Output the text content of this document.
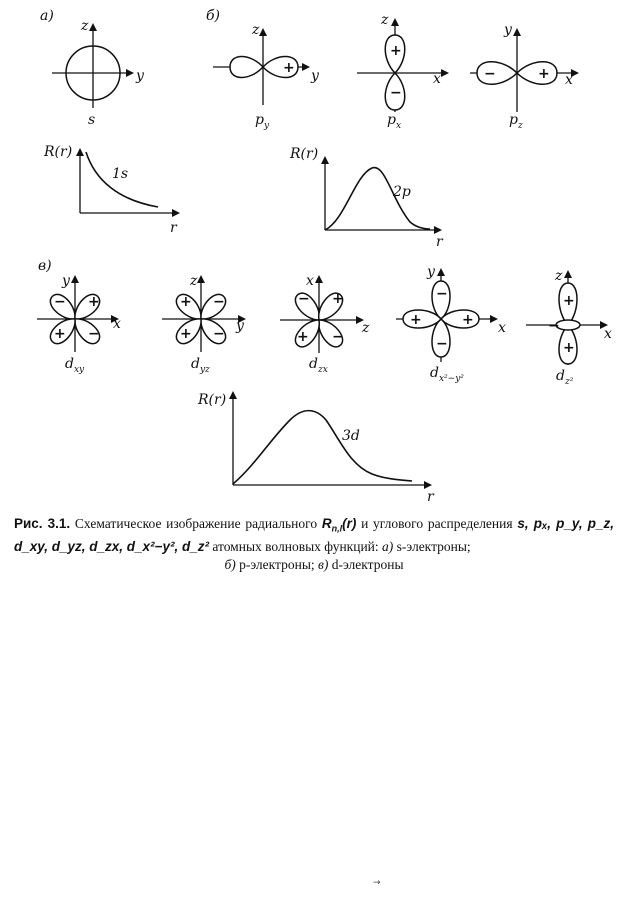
а)
y
z
s
б)
+ y
z
$p_y$
+
−
x
z
$p_x$
−	+ x
y
$p_z$
R(r)
r
1s
R(r)
r
2p
в)
− +
+ −
x
y
$d_{xy}$
+ −
+ − y
z
$d_{yz}$
− +
+ −
z
x
$d_{zx}$
−
−
+	+ x
y
$d_{x^2-y^2}$
+
+
−	x
z
$d_{z^2}$
R(r)
r
3d
Рис. 3.1. Схематическое изображение радиального $R_{n,l}(r)$ и углового распределения s, pₓ, p_y, p_z, d_xy, d_yz, d_zx, d_x²−y², d_z² атомных волновых функций: а) s-электроны;
б) p-электроны; в) d-электроны
→
